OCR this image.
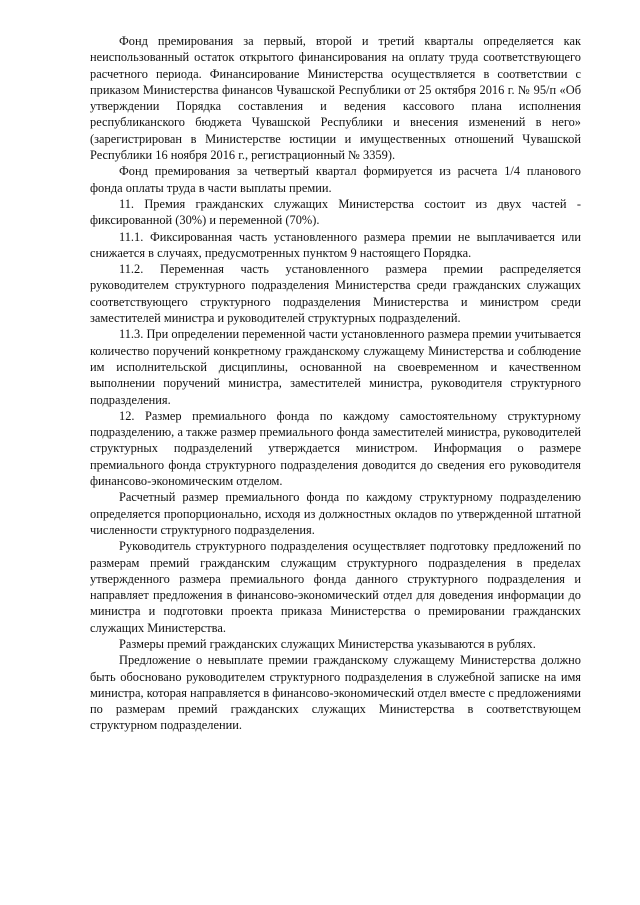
Фонд премирования за первый, второй и третий кварталы определяется как неиспользованный остаток открытого финансирования на оплату труда соответствующего расчетного периода. Финансирование Министерства осуществляется в соответствии с приказом Министерства финансов Чувашской Республики от 25 октября 2016 г. № 95/п «Об утверждении Порядка составления и ведения кассового плана исполнения республиканского бюджета Чувашской Республики и внесения изменений в него» (зарегистрирован в Министерстве юстиции и имущественных отношений Чувашской Республики 16 ноября 2016 г., регистрационный № 3359).

Фонд премирования за четвертый квартал формируется из расчета 1/4 планового фонда оплаты труда в части выплаты премии.

11. Премия гражданских служащих Министерства состоит из двух частей - фиксированной (30%) и переменной (70%).

11.1. Фиксированная часть установленного размера премии не выплачивается или снижается в случаях, предусмотренных пунктом 9 настоящего Порядка.

11.2. Переменная часть установленного размера премии распределяется руководителем структурного подразделения Министерства среди гражданских служащих соответствующего структурного подразделения Министерства и министром среди заместителей министра и руководителей структурных подразделений.

11.3. При определении переменной части установленного размера премии учитывается количество поручений конкретному гражданскому служащему Министерства и соблюдение им исполнительской дисциплины, основанной на своевременном и качественном выполнении поручений министра, заместителей министра, руководителя структурного подразделения.

12. Размер премиального фонда по каждому самостоятельному структурному подразделению, а также размер премиального фонда заместителей министра, руководителей структурных подразделений утверждается министром. Информация о размере премиального фонда структурного подразделения доводится до сведения его руководителя финансово-экономическим отделом.

Расчетный размер премиального фонда по каждому структурному подразделению определяется пропорционально, исходя из должностных окладов по утвержденной штатной численности структурного подразделения.

Руководитель структурного подразделения осуществляет подготовку предложений по размерам премий гражданским служащим структурного подразделения в пределах утвержденного размера премиального фонда данного структурного подразделения и направляет предложения в финансово-экономический отдел для доведения информации до министра и подготовки проекта приказа Министерства о премировании гражданских служащих Министерства.

Размеры премий гражданских служащих Министерства указываются в рублях.

Предложение о невыплате премии гражданскому служащему Министерства должно быть обосновано руководителем структурного подразделения в служебной записке на имя министра, которая направляется в финансово-экономический отдел вместе с предложениями по размерам премий гражданских служащих Министерства в соответствующем структурном подразделении.
